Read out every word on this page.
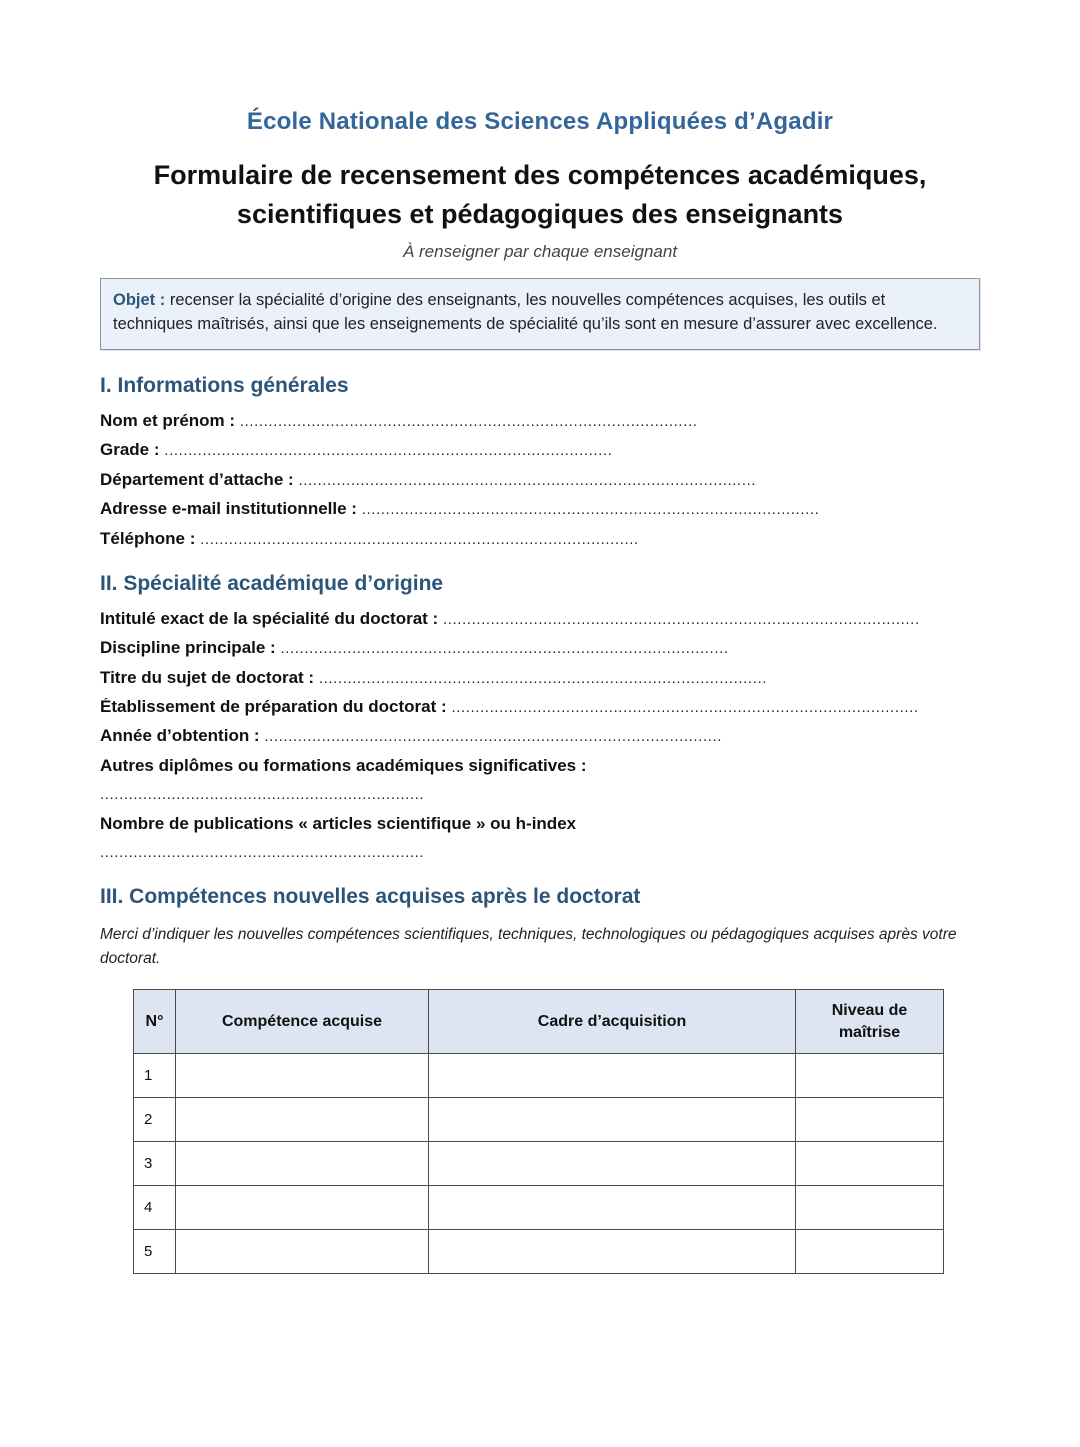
École Nationale des Sciences Appliquées d’Agadir
Formulaire de recensement des compétences académiques,
scientifiques et pédagogiques des enseignants
À renseigner par chaque enseignant
Objet : recenser la spécialité d’origine des enseignants, les nouvelles compétences acquises, les outils et techniques maîtrisés, ainsi que les enseignements de spécialité qu’ils sont en mesure d’assurer avec excellence.
I. Informations générales
Nom et prénom : ................................................................................................
Grade : ..............................................................................................
Département d’attache : ................................................................................................
Adresse e-mail institutionnelle : ................................................................................................
Téléphone : ............................................................................................
II. Spécialité académique d’origine
Intitulé exact de la spécialité du doctorat : ....................................................................................................
Discipline principale : ..............................................................................................
Titre du sujet de doctorat : ..............................................................................................
Établissement de préparation du doctorat : ..................................................................................................
Année d’obtention : ................................................................................................
Autres diplômes ou formations académiques significatives :
....................................................................
Nombre de publications « articles scientifique » ou h-index
....................................................................
III. Compétences nouvelles acquises après le doctorat

Merci d’indiquer les nouvelles compétences scientifiques, techniques, technologiques ou pédagogiques acquises après votre doctorat.

N°	Compétence acquise	Cadre d’acquisition	Niveau de maîtrise
1			
2			
3			
4			
5			
